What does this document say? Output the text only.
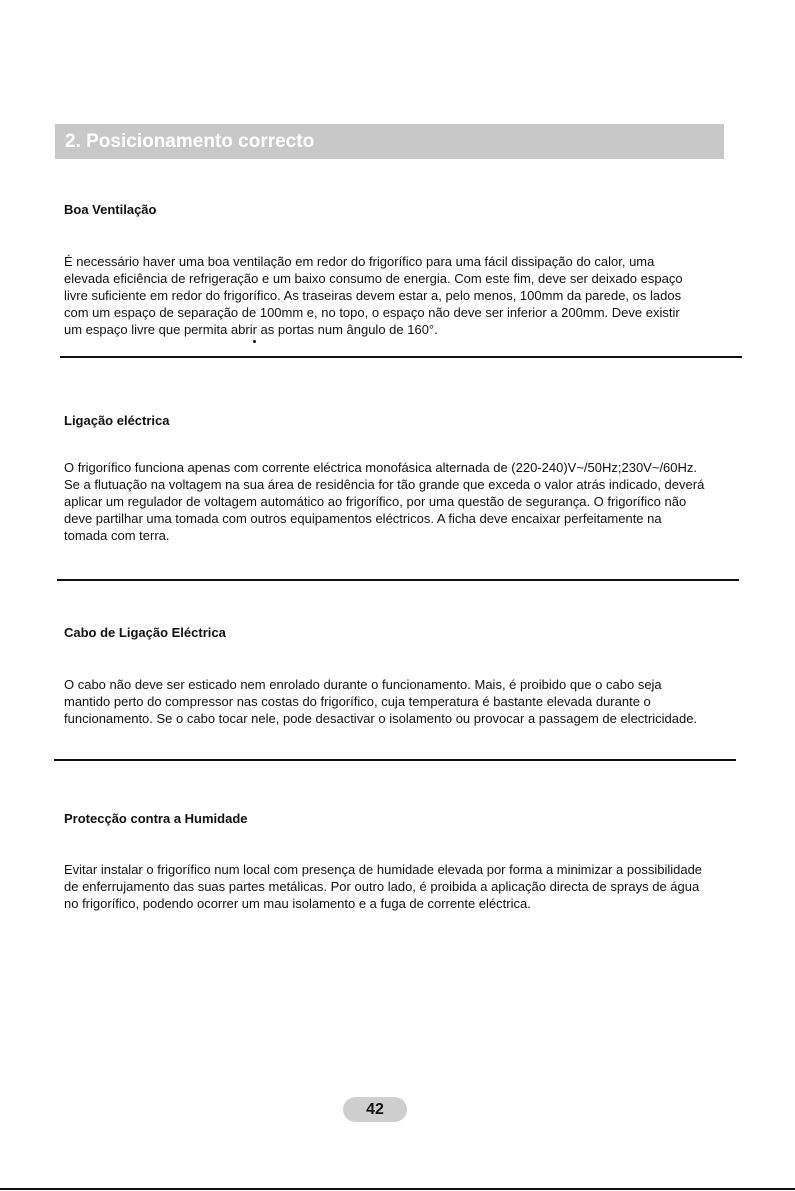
2. Posicionamento correcto
Boa Ventilação
É necessário haver uma boa ventilação em redor do frigorífico para uma fácil dissipação do calor, uma
elevada eficiência de refrigeração e um baixo consumo de energia. Com este fim, deve ser deixado espaço
livre suficiente em redor do frigorífico. As traseiras devem estar a, pelo menos, 100mm da parede, os lados
com um espaço de separação de 100mm e, no topo, o espaço não deve ser inferior a 200mm. Deve existir
um espaço livre que permita abrir as portas num ângulo de 160°.
Ligação eléctrica
O frigorífico funciona apenas com corrente eléctrica monofásica alternada de (220-240)V~/50Hz;230V~/60Hz.
Se a flutuação na voltagem na sua área de residência for tão grande que exceda o valor atrás indicado, deverá
aplicar um regulador de voltagem automático ao frigorífico, por uma questão de segurança. O frigorífico não
deve partilhar uma tomada com outros equipamentos eléctricos. A ficha deve encaixar perfeitamente na
tomada com terra.
Cabo de Ligação Eléctrica
O cabo não deve ser esticado nem enrolado durante o funcionamento. Mais, é proibido que o cabo seja
mantido perto do compressor nas costas do frigorífico, cuja temperatura é bastante elevada durante o
funcionamento. Se o cabo tocar nele, pode desactivar o isolamento ou provocar a passagem de electricidade.
Protecção contra a Humidade
Evitar instalar o frigorífico num local com presença de humidade elevada por forma a minimizar a possibilidade
de enferrujamento das suas partes metálicas. Por outro lado, é proibida a aplicação directa de sprays de água
no frigorífico, podendo ocorrer um mau isolamento e a fuga de corrente eléctrica.
42
